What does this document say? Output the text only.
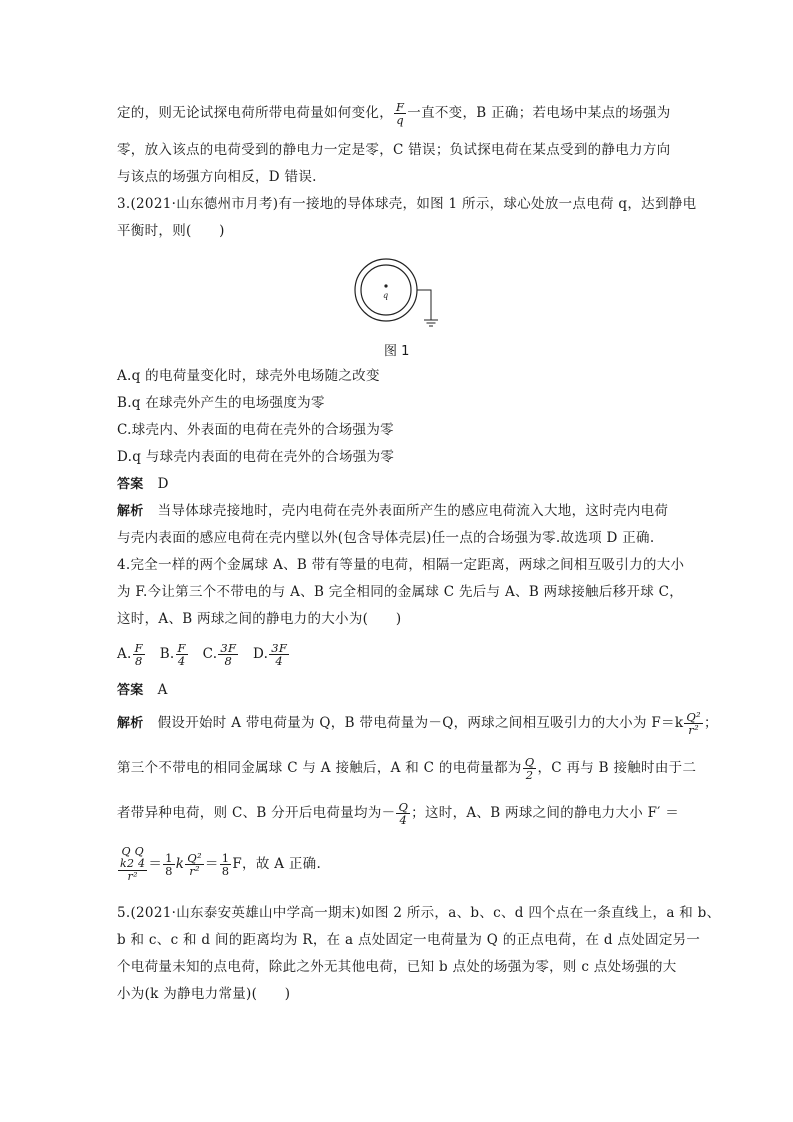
定的，则无论试探电荷所带电荷量如何变化， $\frac{F}{q}$ 一直不变，B 正确；若电场中某点的场强为
零，放入该点的电荷受到的静电力一定是零，C 错误；负试探电荷在某点受到的静电力方向
与该点的场强方向相反，D 错误.
3.(2021·山东德州市月考)有一接地的导体球壳，如图 1 所示，球心处放一点电荷 q，达到静电
平衡时，则(　　)
q
图 1
A.q 的电荷量变化时，球壳外电场随之改变
B.q 在球壳外产生的电场强度为零
C.球壳内、外表面的电荷在壳外的合场强为零
D.q 与球壳内表面的电荷在壳外的合场强为零
答案 D
解析 当导体球壳接地时，壳内电荷在壳外表面所产生的感应电荷流入大地，这时壳内电荷
与壳内表面的感应电荷在壳内壁以外(包含导体壳层)任一点的合场强为零.故选项 D 正确.
4.完全一样的两个金属球 A、B 带有等量的电荷，相隔一定距离，两球之间相互吸引力的大小
为 F.今让第三个不带电的与 A、B 完全相同的金属球 C 先后与 A、B 两球接触后移开球 C，
这时，A、B 两球之间的静电力的大小为(　　)
A. $\frac{F}{8} B$. $\frac{F}{4} C$. $\frac{3F}{8} D$. $\frac{3F}{4}$
答案 A
解析 假设开始时 A 带电荷量为 Q，B 带电荷量为－Q，两球之间相互吸引力的大小为 $F=k \frac{\text{Q²}}{\text{r²}}$ ；
第三个不带电的相同金属球 C 与 A 接触后，A 和 C 的电荷量都为 $\frac{Q}{2}$ ，C 再与 B 接触时由于二
者带异种电荷，则 C、B 分开后电荷量均为－ $\frac{Q}{4}$ ；这时，A、B 两球之间的静电力大小 F′ ＝
Q Q
k2 4
r²
＝ $\frac{1}{8}$ k $\frac{\text{Q²}}{\text{r²}} = \frac{1}{8}$ F，故 A 正确.
5.(2021·山东泰安英雄山中学高一期末)如图 2 所示，a、b、c、d 四个点在一条直线上，a 和 b、
b 和 c、c 和 d 间的距离均为 R，在 a 点处固定一电荷量为 Q 的正点电荷，在 d 点处固定另一
个电荷量未知的点电荷，除此之外无其他电荷，已知 b 点处的场强为零，则 c 点处场强的大
小为(k 为静电力常量)(　　)
